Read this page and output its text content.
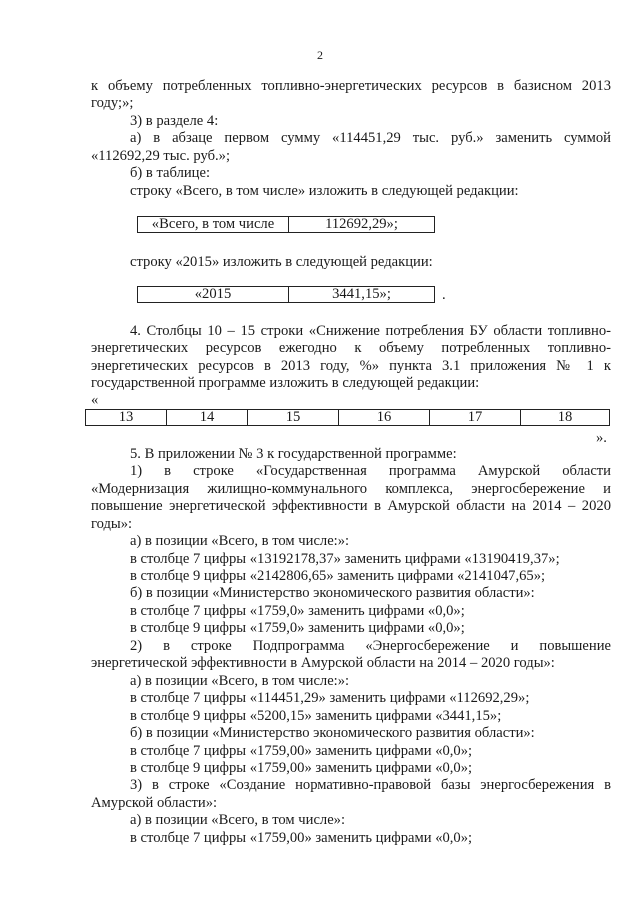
2
к объему потребленных топливно-энергетических ресурсов в базисном 2013
году;»;
3) в разделе 4:
а) в абзаце первом сумму «114451,29 тыс. руб.» заменить суммой
«112692,29 тыс. руб.»;
б) в таблице:
строку «Всего, в том числе» изложить в следующей редакции:
«Всего, в том числе	112692,29»;
строку «2015» изложить в следующей редакции:
«2015	3441,15»;	.
4. Столбцы 10 – 15 строки «Снижение потребления БУ области топливно-
энергетических ресурсов ежегодно к объему потребленных топливно-
энергетических ресурсов в 2013 году, %» пункта 3.1 приложения № 1 к
государственной программе изложить в следующей редакции:
«
13	14	15	16	17	18
».
5. В приложении № 3 к государственной программе:
1) в строке «Государственная программа Амурской области
«Модернизация жилищно-коммунального комплекса, энергосбережение и
повышение энергетической эффективности в Амурской области на 2014 – 2020
годы»:
а) в позиции «Всего, в том числе:»:
в столбце 7 цифры «13192178,37» заменить цифрами «13190419,37»;
в столбце 9 цифры «2142806,65» заменить цифрами «2141047,65»;
б) в позиции «Министерство экономического развития области»:
в столбце 7 цифры «1759,0» заменить цифрами «0,0»;
в столбце 9 цифры «1759,0» заменить цифрами «0,0»;
2) в строке Подпрограмма «Энергосбережение и повышение
энергетической эффективности в Амурской области на 2014 – 2020 годы»:
а) в позиции «Всего, в том числе:»:
в столбце 7 цифры «114451,29» заменить цифрами «112692,29»;
в столбце 9 цифры «5200,15» заменить цифрами «3441,15»;
б) в позиции «Министерство экономического развития области»:
в столбце 7 цифры «1759,00» заменить цифрами «0,0»;
в столбце 9 цифры «1759,00» заменить цифрами «0,0»;
3) в строке «Создание нормативно-правовой базы энергосбережения в
Амурской области»:
а) в позиции «Всего, в том числе»:
в столбце 7 цифры «1759,00» заменить цифрами «0,0»;
